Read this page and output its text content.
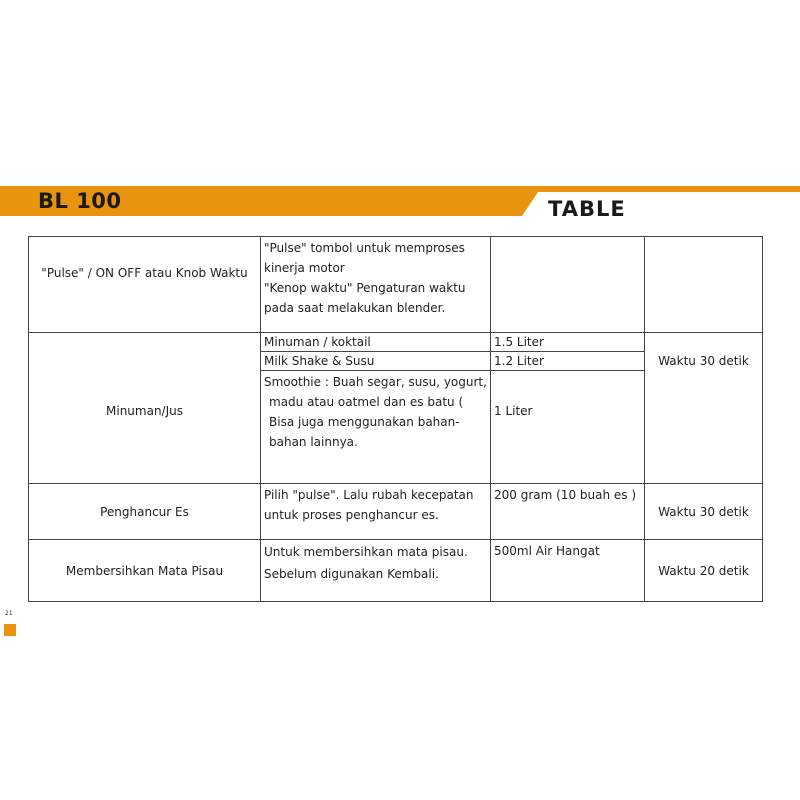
BL 100	TABLE
"Pulse" / ON OFF atau Knob Waktu	"Pulse" tombol untuk memproses
kinerja motor
"Kenop waktu" Pengaturan waktu
pada saat melakukan blender.		

Minuman/Jus	Minuman / koktail	1.5 Liter	Waktu 30 detik
	Milk Shake & Susu	1.2 Liter	

	Smoothie : Buah segar, susu, yogurt,
madu atau oatmel dan es batu (
Bisa juga menggunakan bahan-
bahan lainnya.	1 Liter	
Penghancur Es	Pilih "pulse". Lalu rubah kecepatan
untuk proses penghancur es.	200 gram (10 buah es )	Waktu 30 detik
Membersihkan Mata Pisau	Untuk membersihkan mata pisau.
Sebelum digunakan Kembali.	500ml Air Hangat	Waktu 20 detik
21
